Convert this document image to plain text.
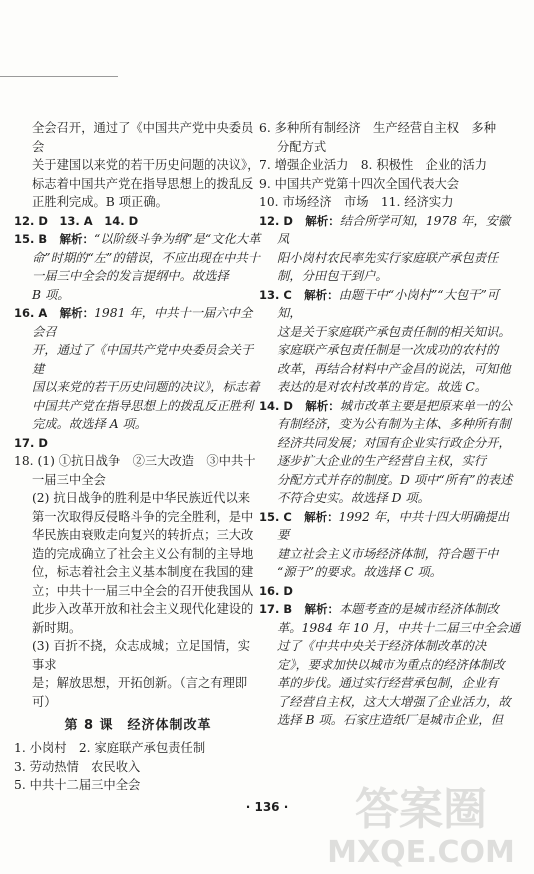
全会召开，通过了《中国共产党中央委员会
关于建国以来党的若干历史问题的决议》，
标志着中国共产党在指导思想上的拨乱反
正胜利完成。B 项正确。

12. D　13. A　14. D

15. B　 解析：“以阶级斗争为纲”是“文化大革
命”时期的“左”的错误，不应出现在中共十
一届三中全会的发言提纲中。故选择
B 项。

16. A　 解析：1981 年，中共十一届六中全会召
开，通过了《中国共产党中央委员会关于建
国以来党的若干历史问题的决议》，标志着
中国共产党在指导思想上的拨乱反正胜利
完成。故选择 A 项。

17. D

18. (1) ①抗日战争　②三大改造　③中共十
一届三中全会
(2) 抗日战争的胜利是中华民族近代以来
第一次取得反侵略斗争的完全胜利，是中
华民族由衰败走向复兴的转折点；三大改
造的完成确立了社会主义公有制的主导地
位，标志着社会主义基本制度在我国的建
立；中共十一届三中全会的召开使我国从
此步入改革开放和社会主义现代化建设的
新时期。
(3) 百折不挠，众志成城；立足国情，实事求
是；解放思想，开拓创新。（言之有理即可）

第 8 课　经济体制改革

1. 小岗村　2. 家庭联产承包责任制
3. 劳动热情　农民收入
5. 中共十二届三中全会

6. 多种所有制经济　生产经营自主权　多种
分配方式

7. 增强企业活力　8. 积极性　企业的活力

9. 中国共产党第十四次全国代表大会

10. 市场经济　市场　11. 经济实力

12. D　 解析：结合所学可知，1978 年，安徽凤
阳小岗村农民率先实行家庭联产承包责任
制，分田包干到户。

13. C　 解析：由题干中“小岗村”“大包干”可知，
这是关于家庭联产承包责任制的相关知识。
家庭联产承包责任制是一次成功的农村的
改革，再结合材料中产金昌的说法，可知他
表达的是对农村改革的肯定。故选 C。

14. D　 解析：城市改革主要是把原来单一的公
有制经济，变为公有制为主体、多种所有制
经济共同发展；对国有企业实行政企分开，
逐步扩大企业的生产经营自主权，实行
分配方式并存的制度。D 项中“所有”的表述
不符合史实。故选择 D 项。

15. C　 解析：1992 年，中共十四大明确提出要
建立社会主义市场经济体制，符合题干中
“源于”的要求。故选择 C 项。

16. D

17. B　 解析：本题考查的是城市经济体制改
革。1984 年 10 月，中共十二届三中全会通
过了《中共中央关于经济体制改革的决
定》，要求加快以城市为重点的经济体制改
革的步伐。通过实行经营承包制，企业有
了经营自主权，这大大增强了企业活力，故
选择 B 项。石家庄造纸厂是城市企业，但

· 136 ·	答案圈
MXQE.COM
